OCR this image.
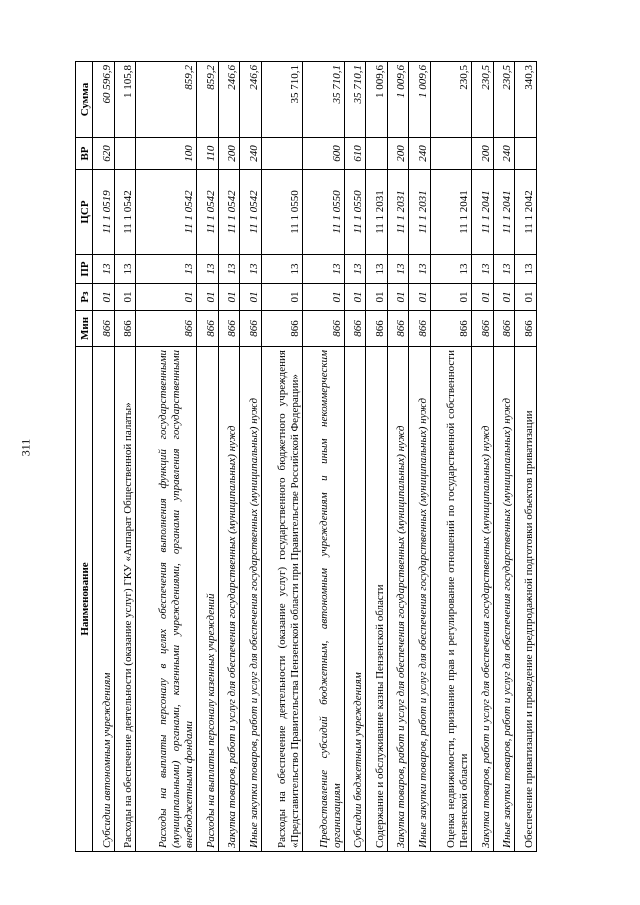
311
Наименование	Мин	Рз	ПР	ЦСР	ВР	Сумма
Субсидии автономным учреждениям	866	01	13	11 1 0519	620	60 596,9
Расходы на обеспечение деятельности (оказание услуг) ГКУ «Аппарат Общественной палаты»	866	01	13	11 1 0542		1 105,8
Расходы на выплаты персоналу в целях обеспечения выполнения функций государственными (муниципальными) органами, казенными учреждениями, органами управления государственными внебюджетными фондами	866	01	13	11 1 0542	100	859,2
Расходы на выплаты персоналу казенных учреждений	866	01	13	11 1 0542	110	859,2
Закупка товаров, работ и услуг для обеспечения государственных (муниципальных) нужд	866	01	13	11 1 0542	200	246,6
Иные закупки товаров, работ и услуг для обеспечения государственных (муниципальных) нужд	866	01	13	11 1 0542	240	246,6
Расходы на обеспечение деятельности (оказание услуг) государственного бюджетного учреждения «Представительство Правительства Пензенской области при Правительстве Российской Федерации»	866	01	13	11 1 0550		35 710,1
Предоставление субсидий бюджетным, автономным учреждениям и иным некоммерческим организациям	866	01	13	11 1 0550	600	35 710,1
Субсидии бюджетным учреждениям	866	01	13	11 1 0550	610	35 710,1
Содержание и обслуживание казны Пензенской области	866	01	13	11 1 2031		1 009,6
Закупка товаров, работ и услуг для обеспечения государственных (муниципальных) нужд	866	01	13	11 1 2031	200	1 009,6
Иные закупки товаров, работ и услуг для обеспечения государственных (муниципальных) нужд	866	01	13	11 1 2031	240	1 009,6
Оценка недвижимости, признание прав и регулирование отношений по государственной собственности Пензенской области	866	01	13	11 1 2041		230,5
Закупка товаров, работ и услуг для обеспечения государственных (муниципальных) нужд	866	01	13	11 1 2041	200	230,5
Иные закупки товаров, работ и услуг для обеспечения государственных (муниципальных) нужд	866	01	13	11 1 2041	240	230,5
Обеспечение приватизации и проведение предпродажной подготовки объектов приватизации	866	01	13	11 1 2042		340,3
